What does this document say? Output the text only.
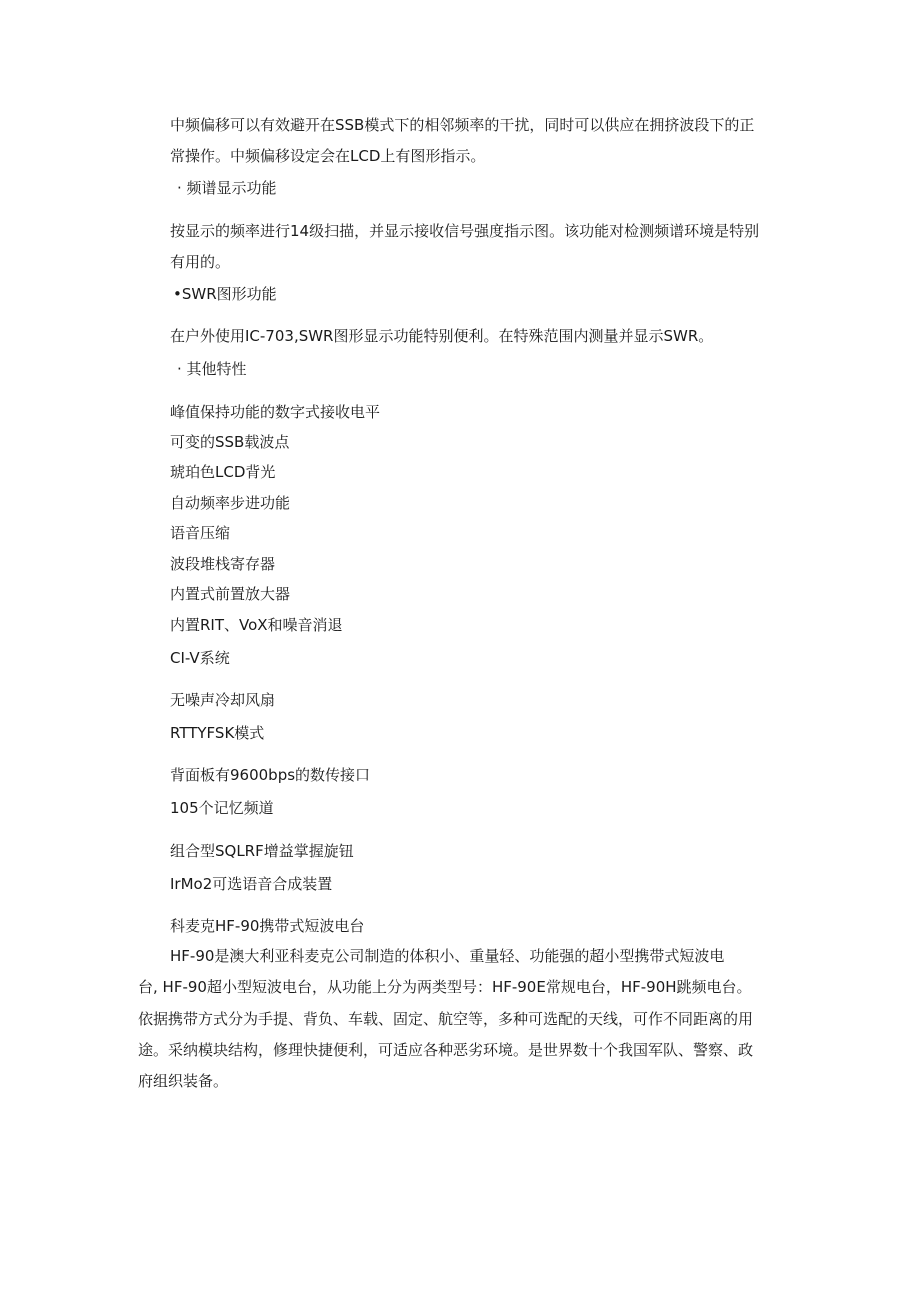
中频偏移可以有效避开在SSB模式下的相邻频率的干扰，同时可以供应在拥挤波段下的正
常操作。中频偏移设定会在LCD上有图形指示。
· 频谱显示功能
按显示的频率进行14级扫描，并显示接收信号强度指示图。该功能对检测频谱环境是特别
有用的。
•SWR图形功能
在户外使用IC-703,SWR图形显示功能特别便利。在特殊范围内测量并显示SWR。
· 其他特性
峰值保持功能的数字式接收电平
可变的SSB载波点
琥珀色LCD背光
自动频率步进功能
语音压缩
波段堆栈寄存器
内置式前置放大器
内置RIT、VoX和噪音消退
CI-V系统
无噪声冷却风扇
RTTYFSK模式
背面板有9600bps的数传接口
105个记忆频道
组合型SQLRF增益掌握旋钮
IrMo2可选语音合成装置
科麦克HF-90携带式短波电台
HF-90是澳大利亚科麦克公司制造的体积小、重量轻、功能强的超小型携带式短波电
台, HF-90超小型短波电台，从功能上分为两类型号：HF-90E常规电台，HF-90H跳频电台。
依据携带方式分为手提、背负、车载、固定、航空等，多种可选配的天线，可作不同距离的用
途。采纳模块结构，修理快捷便利，可适应各种恶劣环境。是世界数十个我国军队、警察、政
府组织装备。
